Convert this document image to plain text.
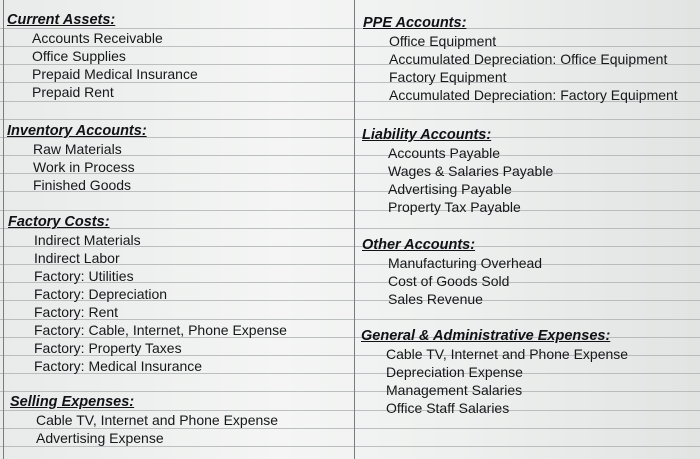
Current Assets:
Accounts Receivable
Office Supplies
Prepaid Medical Insurance
Prepaid Rent
Inventory Accounts:
Raw Materials
Work in Process
Finished Goods
Factory Costs:
Indirect Materials
Indirect Labor
Factory: Utilities
Factory: Depreciation
Factory: Rent
Factory: Cable, Internet, Phone Expense
Factory: Property Taxes
Factory: Medical Insurance
Selling Expenses:
Cable TV, Internet and Phone Expense
Advertising Expense
PPE Accounts:
Office Equipment
Accumulated Depreciation: Office Equipment
Factory Equipment
Accumulated Depreciation: Factory Equipment
Liability Accounts:
Accounts Payable
Wages & Salaries Payable
Advertising Payable
Property Tax Payable
Other Accounts:
Manufacturing Overhead
Cost of Goods Sold
Sales Revenue
General & Administrative Expenses:
Cable TV, Internet and Phone Expense
Depreciation Expense
Management Salaries
Office Staff Salaries
